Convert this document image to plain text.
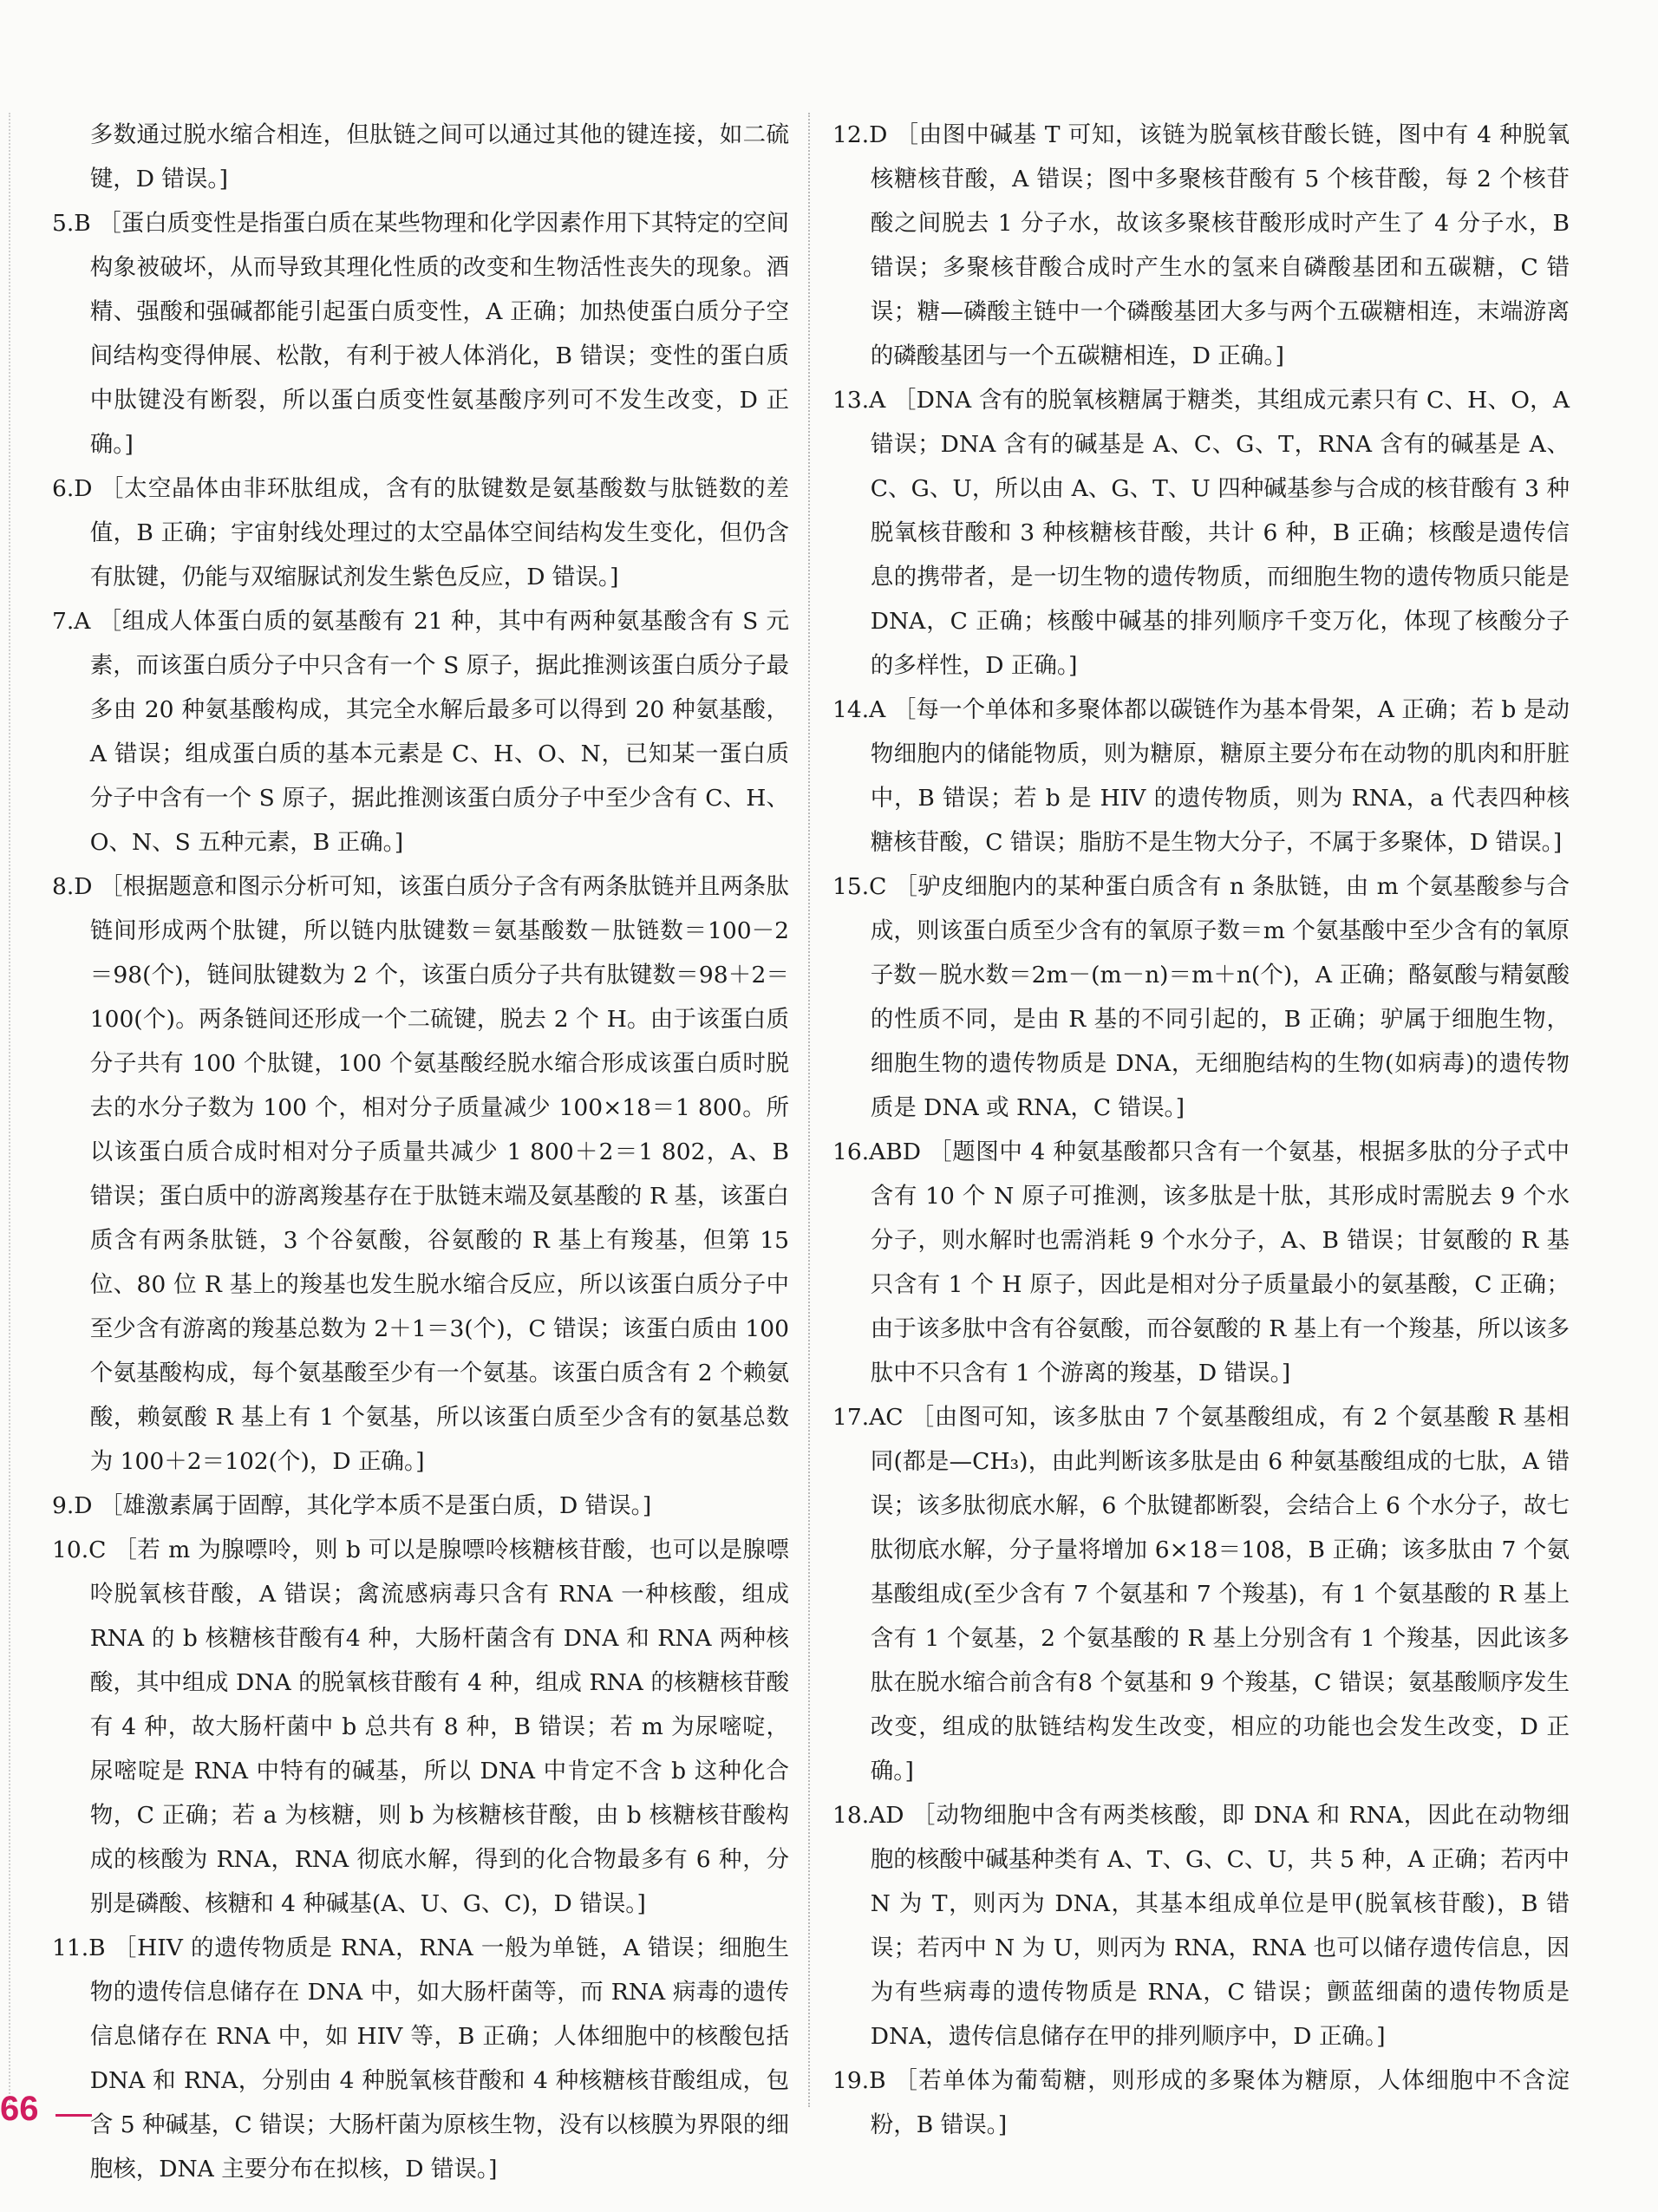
多数通过脱水缩合相连，但肽链之间可以通过其他的键连接，如二硫键，D 错误。]

5.B ［蛋白质变性是指蛋白质在某些物理和化学因素作用下其特定的空间构象被破坏，从而导致其理化性质的改变和生物活性丧失的现象。酒精、强酸和强碱都能引起蛋白质变性，A 正确；加热使蛋白质分子空间结构变得伸展、松散，有利于被人体消化，B 错误；变性的蛋白质中肽键没有断裂，所以蛋白质变性氨基酸序列可不发生改变，D 正确。]

6.D ［太空晶体由非环肽组成，含有的肽键数是氨基酸数与肽链数的差值，B 正确；宇宙射线处理过的太空晶体空间结构发生变化，但仍含有肽键，仍能与双缩脲试剂发生紫色反应，D 错误。]

7.A ［组成人体蛋白质的氨基酸有 21 种，其中有两种氨基酸含有 S 元素，而该蛋白质分子中只含有一个 S 原子，据此推测该蛋白质分子最多由 20 种氨基酸构成，其完全水解后最多可以得到 20 种氨基酸，A 错误；组成蛋白质的基本元素是 C、H、O、N，已知某一蛋白质分子中含有一个 S 原子，据此推测该蛋白质分子中至少含有 C、H、O、N、S 五种元素，B 正确。]

8.D ［根据题意和图示分析可知，该蛋白质分子含有两条肽链并且两条肽链间形成两个肽键，所以链内肽键数＝氨基酸数－肽链数＝100－2＝98(个)，链间肽键数为 2 个，该蛋白质分子共有肽键数＝98＋2＝100(个)。两条链间还形成一个二硫键，脱去 2 个 H。由于该蛋白质分子共有 100 个肽键，100 个氨基酸经脱水缩合形成该蛋白质时脱去的水分子数为 100 个，相对分子质量减少 100×18＝1 800。所以该蛋白质合成时相对分子质量共减少 1 800＋2＝1 802，A、B 错误；蛋白质中的游离羧基存在于肽链末端及氨基酸的 R 基，该蛋白质含有两条肽链，3 个谷氨酸，谷氨酸的 R 基上有羧基，但第 15 位、80 位 R 基上的羧基也发生脱水缩合反应，所以该蛋白质分子中至少含有游离的羧基总数为 2＋1＝3(个)，C 错误；该蛋白质由 100 个氨基酸构成，每个氨基酸至少有一个氨基。该蛋白质含有 2 个赖氨酸，赖氨酸 R 基上有 1 个氨基，所以该蛋白质至少含有的氨基总数为 100＋2＝102(个)，D 正确。]

9.D ［雄激素属于固醇，其化学本质不是蛋白质，D 错误。]

10.C ［若 m 为腺嘌呤，则 b 可以是腺嘌呤核糖核苷酸，也可以是腺嘌呤脱氧核苷酸，A 错误；禽流感病毒只含有 RNA 一种核酸，组成 RNA 的 b 核糖核苷酸有4 种，大肠杆菌含有 DNA 和 RNA 两种核酸，其中组成 DNA 的脱氧核苷酸有 4 种，组成 RNA 的核糖核苷酸有 4 种，故大肠杆菌中 b 总共有 8 种，B 错误；若 m 为尿嘧啶，尿嘧啶是 RNA 中特有的碱基，所以 DNA 中肯定不含 b 这种化合物，C 正确；若 a 为核糖，则 b 为核糖核苷酸，由 b 核糖核苷酸构成的核酸为 RNA，RNA 彻底水解，得到的化合物最多有 6 种，分别是磷酸、核糖和 4 种碱基(A、U、G、C)，D 错误。]

11.B ［HIV 的遗传物质是 RNA，RNA 一般为单链，A 错误；细胞生物的遗传信息储存在 DNA 中，如大肠杆菌等，而 RNA 病毒的遗传信息储存在 RNA 中，如 HIV 等，B 正确；人体细胞中的核酸包括 DNA 和 RNA，分别由 4 种脱氧核苷酸和 4 种核糖核苷酸组成，包含 5 种碱基，C 错误；大肠杆菌为原核生物，没有以核膜为界限的细胞核，DNA 主要分布在拟核，D 错误。]

12.D ［由图中碱基 T 可知，该链为脱氧核苷酸长链，图中有 4 种脱氧核糖核苷酸，A 错误；图中多聚核苷酸有 5 个核苷酸，每 2 个核苷酸之间脱去 1 分子水，故该多聚核苷酸形成时产生了 4 分子水，B 错误；多聚核苷酸合成时产生水的氢来自磷酸基团和五碳糖，C 错误；糖—磷酸主链中一个磷酸基团大多与两个五碳糖相连，末端游离的磷酸基团与一个五碳糖相连，D 正确。]

13.A ［DNA 含有的脱氧核糖属于糖类，其组成元素只有 C、H、O，A 错误；DNA 含有的碱基是 A、C、G、T，RNA 含有的碱基是 A、C、G、U，所以由 A、G、T、U 四种碱基参与合成的核苷酸有 3 种脱氧核苷酸和 3 种核糖核苷酸，共计 6 种，B 正确；核酸是遗传信息的携带者，是一切生物的遗传物质，而细胞生物的遗传物质只能是 DNA，C 正确；核酸中碱基的排列顺序千变万化，体现了核酸分子的多样性，D 正确。]

14.A ［每一个单体和多聚体都以碳链作为基本骨架，A 正确；若 b 是动物细胞内的储能物质，则为糖原，糖原主要分布在动物的肌肉和肝脏中，B 错误；若 b 是 HIV 的遗传物质，则为 RNA，a 代表四种核糖核苷酸，C 错误；脂肪不是生物大分子，不属于多聚体，D 错误。]

15.C ［驴皮细胞内的某种蛋白质含有 n 条肽链，由 m 个氨基酸参与合成，则该蛋白质至少含有的氧原子数＝m 个氨基酸中至少含有的氧原子数－脱水数＝2m－(m－n)＝m＋n(个)，A 正确；酪氨酸与精氨酸的性质不同，是由 R 基的不同引起的，B 正确；驴属于细胞生物，细胞生物的遗传物质是 DNA，无细胞结构的生物(如病毒)的遗传物质是 DNA 或 RNA，C 错误。]

16.ABD ［题图中 4 种氨基酸都只含有一个氨基，根据多肽的分子式中含有 10 个 N 原子可推测，该多肽是十肽，其形成时需脱去 9 个水分子，则水解时也需消耗 9 个水分子，A、B 错误；甘氨酸的 R 基只含有 1 个 H 原子，因此是相对分子质量最小的氨基酸，C 正确；由于该多肽中含有谷氨酸，而谷氨酸的 R 基上有一个羧基，所以该多肽中不只含有 1 个游离的羧基，D 错误。]

17.AC ［由图可知，该多肽由 7 个氨基酸组成，有 2 个氨基酸 R 基相同(都是—CH₃)，由此判断该多肽是由 6 种氨基酸组成的七肽，A 错误；该多肽彻底水解，6 个肽键都断裂，会结合上 6 个水分子，故七肽彻底水解，分子量将增加 6×18＝108，B 正确；该多肽由 7 个氨基酸组成(至少含有 7 个氨基和 7 个羧基)，有 1 个氨基酸的 R 基上含有 1 个氨基，2 个氨基酸的 R 基上分别含有 1 个羧基，因此该多肽在脱水缩合前含有8 个氨基和 9 个羧基，C 错误；氨基酸顺序发生改变，组成的肽链结构发生改变，相应的功能也会发生改变，D 正确。]

18.AD ［动物细胞中含有两类核酸，即 DNA 和 RNA，因此在动物细胞的核酸中碱基种类有 A、T、G、C、U，共 5 种，A 正确；若丙中 N 为 T，则丙为 DNA，其基本组成单位是甲(脱氧核苷酸)，B 错误；若丙中 N 为 U，则丙为 RNA，RNA 也可以储存遗传信息，因为有些病毒的遗传物质是 RNA，C 错误；颤蓝细菌的遗传物质是 DNA，遗传信息储存在甲的排列顺序中，D 正确。]

19.B ［若单体为葡萄糖，则形成的多聚体为糖原，人体细胞中不含淀粉，B 错误。]

66
